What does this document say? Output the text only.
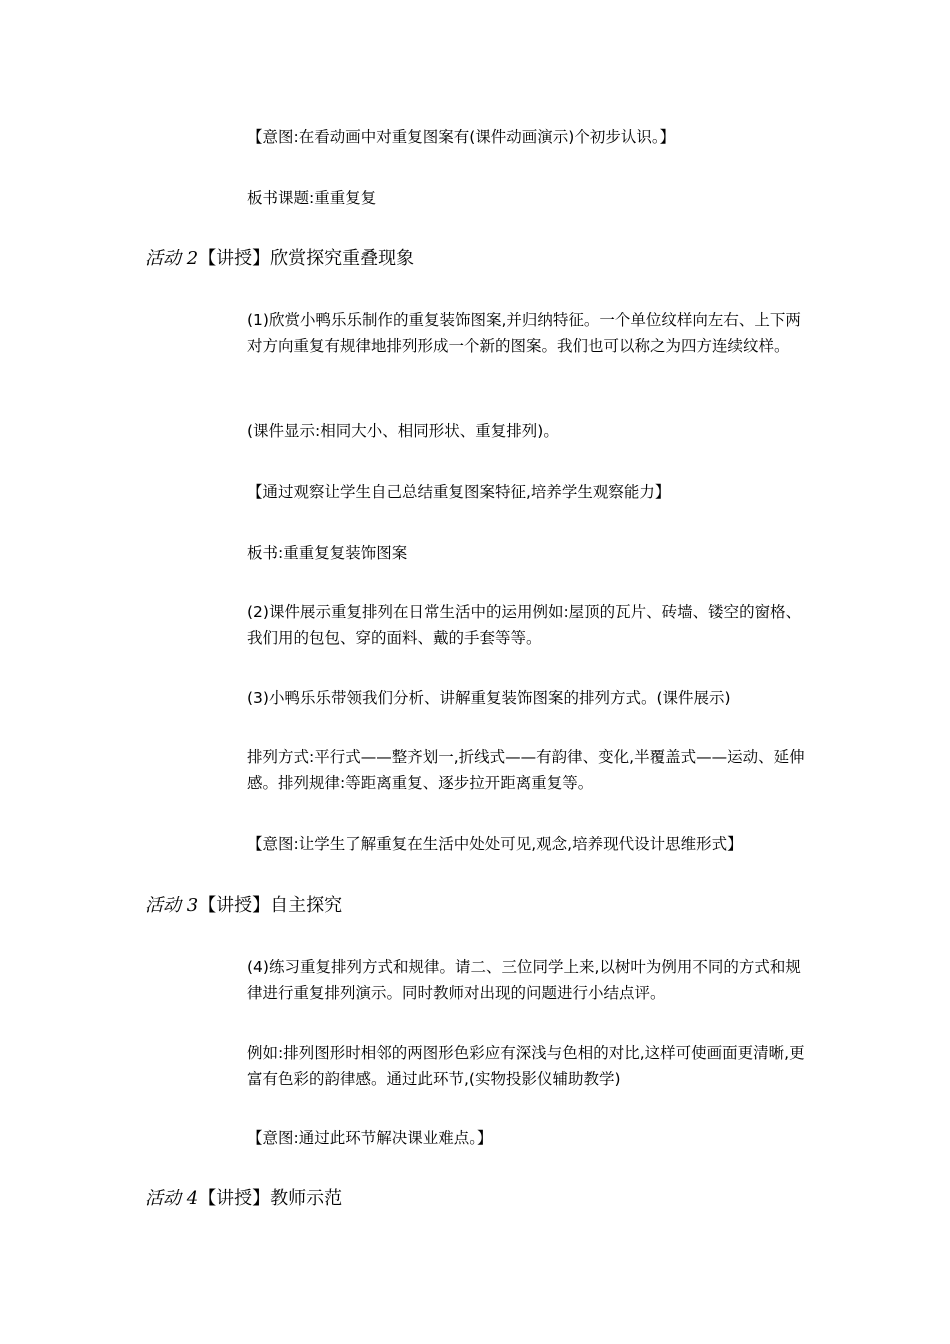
【意图:在看动画中对重复图案有(课件动画演示)个初步认识。】

板书课题:重重复复

活动 2【讲授】欣赏探究重叠现象

(1)欣赏小鸭乐乐制作的重复装饰图案,并归纳特征。一个单位纹样向左右、上下两对方向重复有规律地排列形成一个新的图案。我们也可以称之为四方连续纹样。

(课件显示:相同大小、相同形状、重复排列)。

【通过观察让学生自己总结重复图案特征,培养学生观察能力】

板书:重重复复装饰图案

(2)课件展示重复排列在日常生活中的运用例如:屋顶的瓦片、砖墙、镂空的窗格、我们用的包包、穿的面料、戴的手套等等。

(3)小鸭乐乐带领我们分析、讲解重复装饰图案的排列方式。(课件展示)

排列方式:平行式——整齐划一,折线式——有韵律、变化,半覆盖式——运动、延伸感。排列规律:等距离重复、逐步拉开距离重复等。

【意图:让学生了解重复在生活中处处可见,观念,培养现代设计思维形式】

活动 3【讲授】自主探究

(4)练习重复排列方式和规律。请二、三位同学上来,以树叶为例用不同的方式和规律进行重复排列演示。同时教师对出现的问题进行小结点评。

例如:排列图形时相邻的两图形色彩应有深浅与色相的对比,这样可使画面更清晰,更富有色彩的韵律感。通过此环节,(实物投影仪辅助教学)

【意图:通过此环节解决课业难点。】

活动 4【讲授】教师示范
